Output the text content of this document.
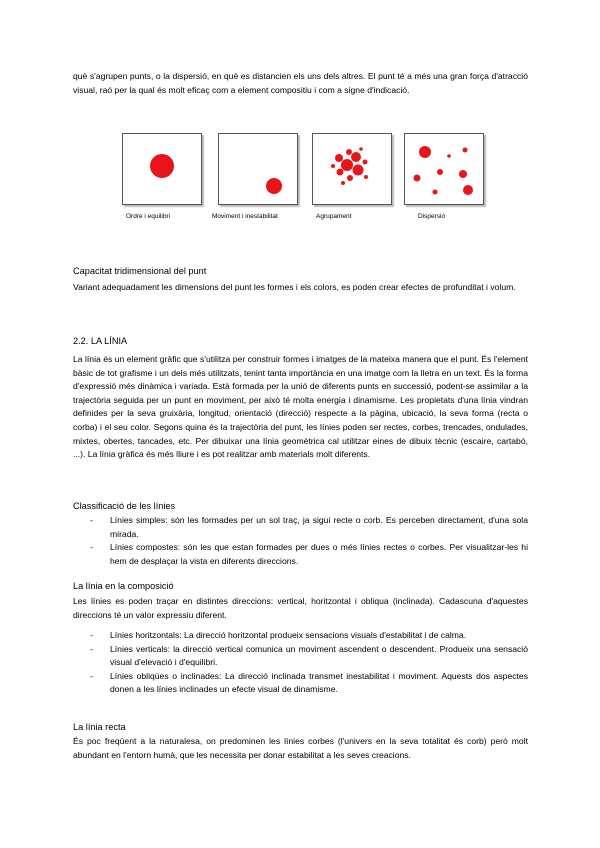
què s'agrupen punts, o la dispersió, en què es distancien els uns dels altres. El punt té a més una gran força d'atracció visual, raó per la qual és molt eficaç com a element compositiu i com a signe d'indicació.

Ordre i equilibri	Moviment i inestabilitat	Agrupament	Dispersió
Capacitat tridimensional del punt

Variant adequadament les dimensions del punt les formes i els colors, es poden crear efectes de profunditat i volum.

2.2. LA LÍNIA

La línia és un element gràfic que s'utilitza per construir formes i imatges de la mateixa manera que el punt. És l'element bàsic de tot grafisme i un dels més utilitzats, tenint tanta importància en una imatge com la lletra en un text. És la forma d'expressió més dinàmica i variada. Està formada per la unió de diferents punts en successió, podent-se assimilar a la trajectòria seguida per un punt en moviment, per això té molta energia i dinamisme. Les propietats d'una línia vindran definides per la seva gruixària, longitud, orientació (direcció) respecte a la pàgina, ubicació, la seva forma (recta o corba) i el seu color. Segons quina és la trajectòria del punt, les línies poden ser rectes, corbes, trencades, ondulades, mixtes, obertes, tancades, etc. Per dibuixar una línia geomètrica cal utilitzar eines de dibuix tècnic (escaire, cartabó, ...). La línia gràfica és més lliure i es pot realitzar amb materials molt diferents.

Classificació de les línies
- Línies simples: són les formades per un sol traç, ja sigui recte o corb. Es perceben directament, d'una sola mirada.
- Línies compostes: són les que estan formades per dues o més línies rectes o corbes. Per visualitzar-les hi hem de desplaçar la vista en diferents direccions.
La línia en la composició

Les línies es poden traçar en distintes direccions: vertical, horitzontal i obliqua (inclinada). Cadascuna d'aquestes direccions té un valor expressiu diferent.

- Línies horitzontals: La direcció horitzontal produeix sensacions visuals d'estabilitat i de calma.
- Línies verticals: la direcció vertical comunica un moviment ascendent o descendent. Produeix una sensació visual d'elevació i d'equilibri.
- Línies obliqües o inclinades: La direcció inclinada transmet inestabilitat i moviment. Aquests dos aspectes donen a les línies inclinades un efecte visual de dinamisme.
La línia recta

És poc freqüent a la naturalesa, on predominen les línies corbes (l'univers en la seva totalitat és corb) però molt abundant en l'entorn humà, que les necessita per donar estabilitat a les seves creacions.
